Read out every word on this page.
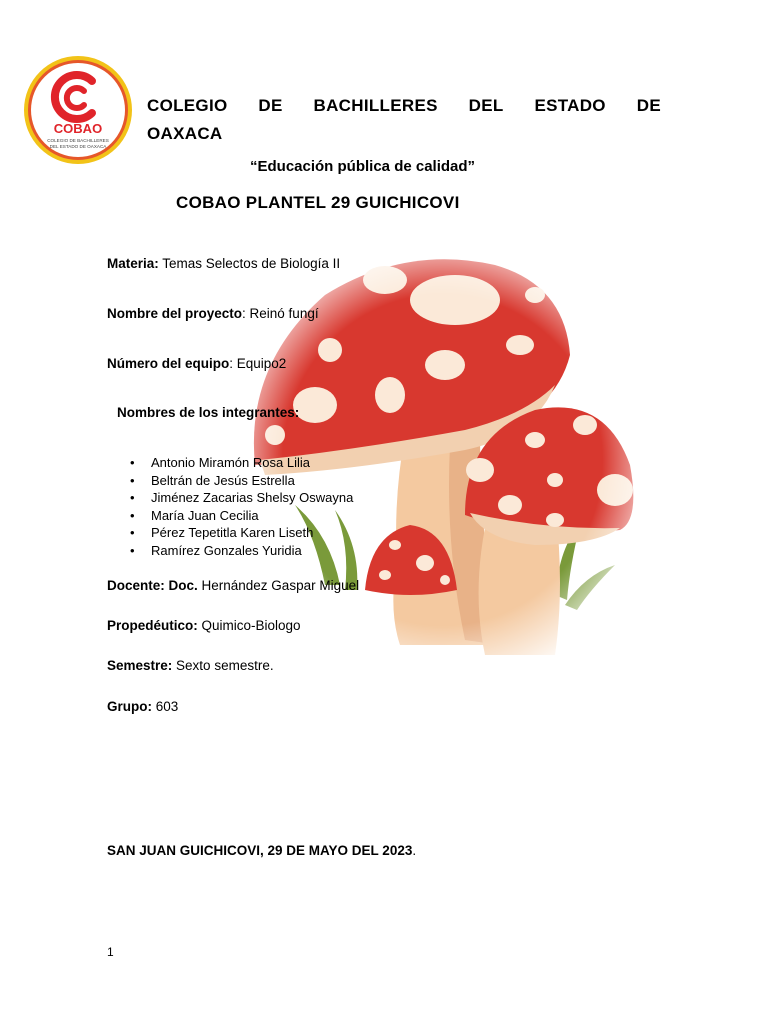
COBAO
COLEGIO DE BACHILLERES
DEL ESTADO DE OAXACA
COLEGIO DE BACHILLERES DEL ESTADO DE
OAXACA
“Educación pública de calidad”
COBAO PLANTEL 29 GUICHICOVI
Materia: Temas Selectos de Biología II
Nombre del proyecto: Reinó fungí
Número del equipo: Equipo2
Nombres de los integrantes:
• Antonio Miramón Rosa Lilia
• Beltrán de Jesús Estrella
• Jiménez Zacarias Shelsy Oswayna
• María Juan Cecilia
• Pérez Tepetitla Karen Liseth
• Ramírez Gonzales Yuridia
Docente: Doc. Hernández Gaspar Miguel
Propedéutico: Quimico-Biologo
Semestre: Sexto semestre.
Grupo: 603
SAN JUAN GUICHICOVI, 29 DE MAYO DEL 2023.
1
